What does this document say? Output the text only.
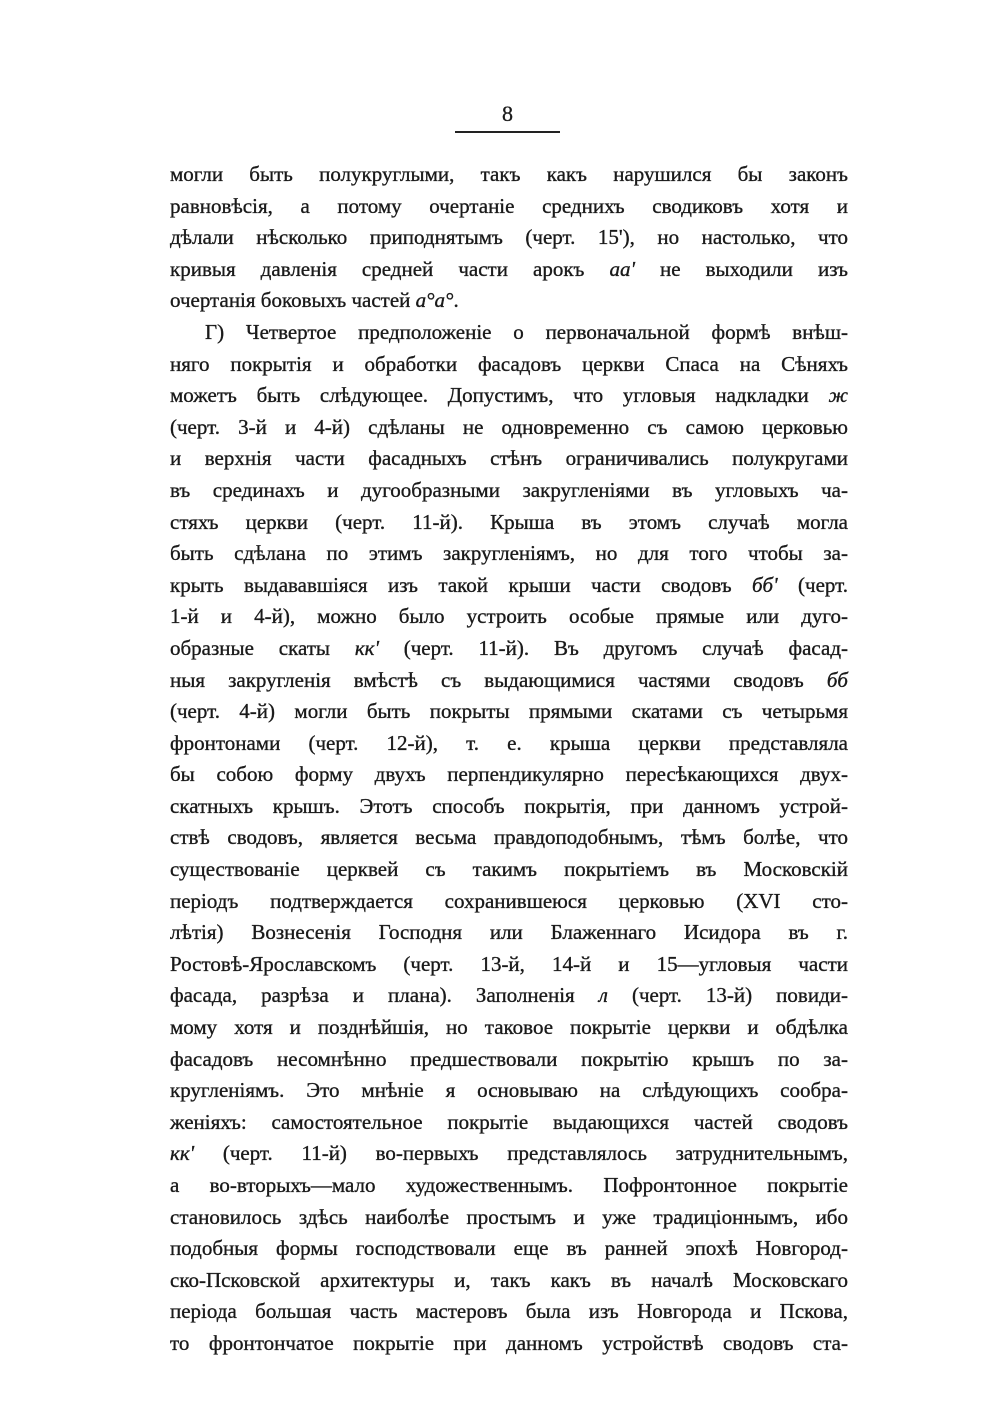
8
могли быть полукруглыми, такъ какъ нарушился бы законъ
равновѣсія, а потому очертаніе среднихъ сводиковъ хотя и
дѣлали нѣсколько приподнятымъ (черт. 15'), но настолько, что
кривыя давленія средней части арокъ аа' не выходили изъ
очертанія боковыхъ частей а°а°.
Г) Четвертое предположеніе о первоначальной формѣ внѣш-
няго покрытія и обработки фасадовъ церкви Спаса на Сѣняхъ
можетъ быть слѣдующее. Допустимъ, что угловыя надкладки ж
(черт. 3-й и 4-й) сдѣланы не одновременно съ самою церковью
и верхнія части фасадныхъ стѣнъ ограничивались полукругами
въ срединахъ и дугообразными закругленіями въ угловыхъ ча-
стяхъ церкви (черт. 11-й). Крыша въ этомъ случаѣ могла
быть сдѣлана по этимъ закругленіямъ, но для того чтобы за-
крыть выдававшіяся изъ такой крыши части сводовъ бб' (черт.
1-й и 4-й), можно было устроить особые прямые или дуго-
образные скаты кк' (черт. 11-й). Въ другомъ случаѣ фасад-
ныя закругленія вмѣстѣ съ выдающимися частями сводовъ бб
(черт. 4-й) могли быть покрыты прямыми скатами съ четырьмя
фронтонами (черт. 12-й), т. е. крыша церкви представляла
бы собою форму двухъ перпендикулярно пересѣкающихся двух-
скатныхъ крышъ. Этотъ способъ покрытія, при данномъ устрой-
ствѣ сводовъ, является весьма правдоподобнымъ, тѣмъ болѣе, что
существованіе церквей съ такимъ покрытіемъ въ Московскій
періодъ подтверждается сохранившеюся церковью (XVI сто-
лѣтія) Вознесенія Господня или Блаженнаго Исидора въ г.
Ростовѣ-Ярославскомъ (черт. 13-й, 14-й и 15—угловыя части
фасада, разрѣза и плана). Заполненія л (черт. 13-й) повиди-
мому хотя и позднѣйшія, но таковое покрытіе церкви и обдѣлка
фасадовъ несомнѣнно предшествовали покрытію крышъ по за-
кругленіямъ. Это мнѣніе я основываю на слѣдующихъ сообра-
женіяхъ: самостоятельное покрытіе выдающихся частей сводовъ
кк' (черт. 11-й) во-первыхъ представлялось затруднительнымъ,
а во-вторыхъ—мало художественнымъ. Пофронтонное покрытіе
становилось здѣсь наиболѣе простымъ и уже традиціоннымъ, ибо
подобныя формы господствовали еще въ ранней эпохѣ Новгород-
ско-Псковской архитектуры и, такъ какъ въ началѣ Московскаго
періода большая часть мастеровъ была изъ Новгорода и Пскова,
то фронтончатое покрытіе при данномъ устройствѣ сводовъ ста-
